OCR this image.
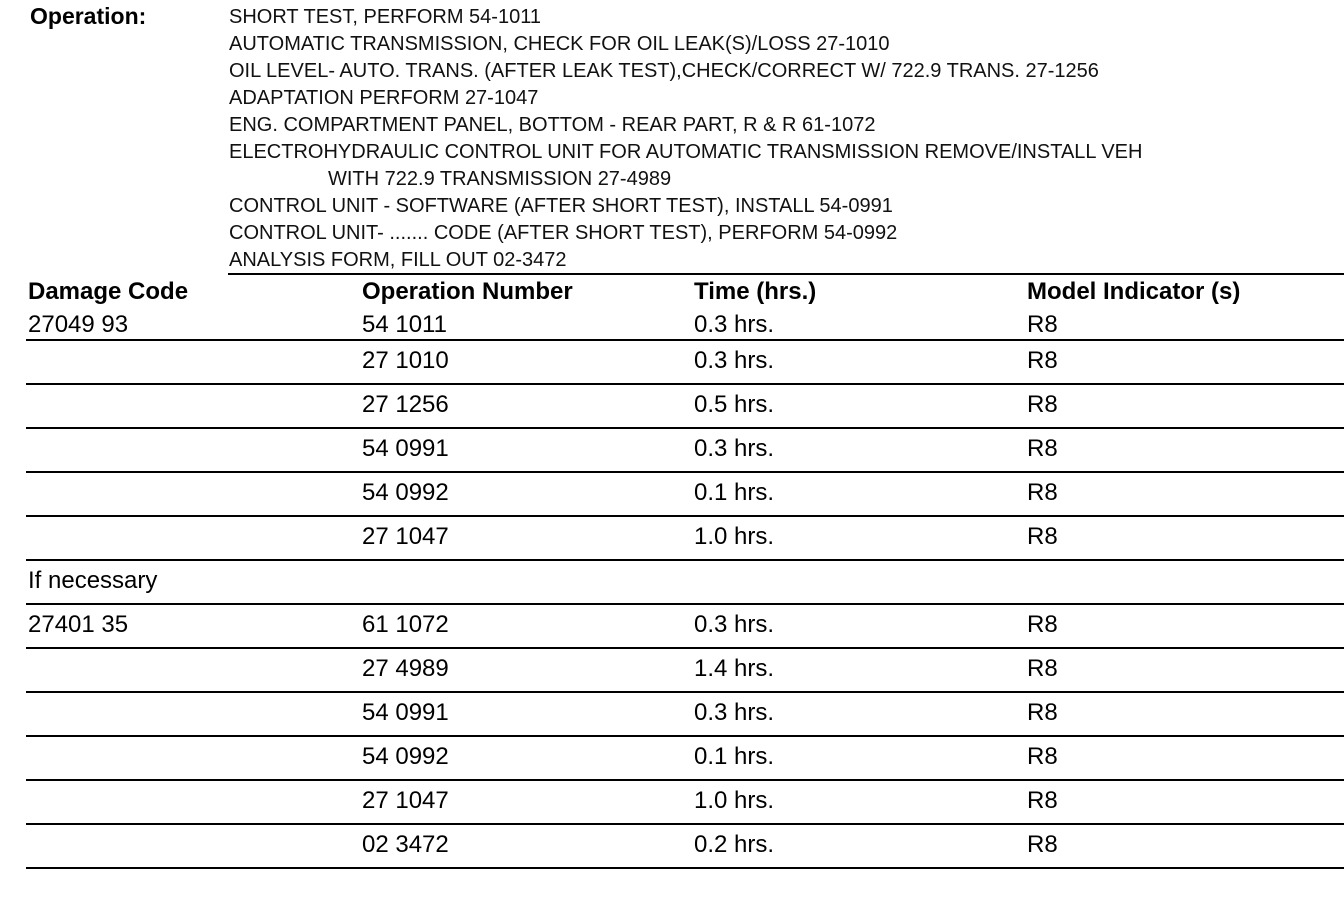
Operation:	SHORT TEST, PERFORM 54-1011
AUTOMATIC TRANSMISSION, CHECK FOR OIL LEAK(S)/LOSS 27-1010
OIL LEVEL- AUTO. TRANS. (AFTER LEAK TEST),CHECK/CORRECT W/ 722.9 TRANS. 27-1256
ADAPTATION PERFORM 27-1047
ENG. COMPARTMENT PANEL, BOTTOM - REAR PART, R & R 61-1072
ELECTROHYDRAULIC CONTROL UNIT FOR AUTOMATIC TRANSMISSION REMOVE/INSTALL VEH
WITH 722.9 TRANSMISSION 27-4989
CONTROL UNIT - SOFTWARE (AFTER SHORT TEST), INSTALL 54-0991
CONTROL UNIT- ....... CODE (AFTER SHORT TEST), PERFORM 54-0992
ANALYSIS FORM, FILL OUT 02-3472
Damage Code	Operation Number	Time (hrs.)	Model Indicator (s)
27049 93	54 1011	0.3 hrs.	R8
	27 1010	0.3 hrs.	R8
	27 1256	0.5 hrs.	R8
	54 0991	0.3 hrs.	R8
	54 0992	0.1 hrs.	R8
	27 1047	1.0 hrs.	R8
If necessary			
27401 35	61 1072	0.3 hrs.	R8
	27 4989	1.4 hrs.	R8
	54 0991	0.3 hrs.	R8
	54 0992	0.1 hrs.	R8
	27 1047	1.0 hrs.	R8
	02 3472	0.2 hrs.	R8
